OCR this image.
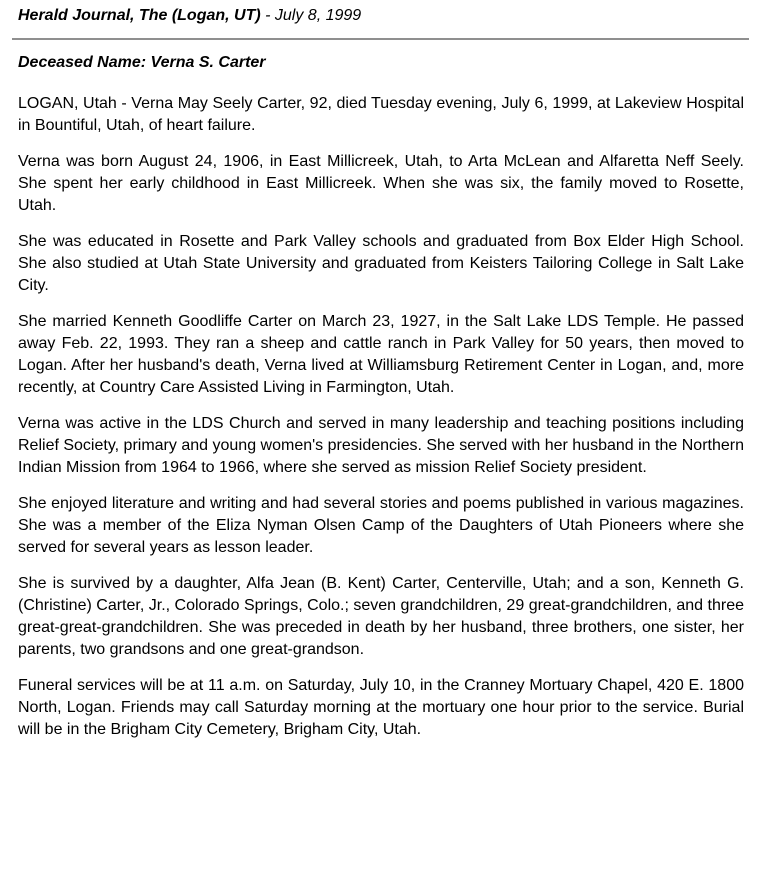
Herald Journal, The (Logan, UT) - July 8, 1999
Deceased Name: Verna S. Carter

LOGAN, Utah - Verna May Seely Carter, 92, died Tuesday evening, July 6, 1999, at Lakeview Hospital in Bountiful, Utah, of heart failure.

Verna was born August 24, 1906, in East Millicreek, Utah, to Arta McLean and Alfaretta Neff Seely. She spent her early childhood in East Millicreek. When she was six, the family moved to Rosette, Utah.

She was educated in Rosette and Park Valley schools and graduated from Box Elder High School. She also studied at Utah State University and graduated from Keisters Tailoring College in Salt Lake City.

She married Kenneth Goodliffe Carter on March 23, 1927, in the Salt Lake LDS Temple. He passed away Feb. 22, 1993. They ran a sheep and cattle ranch in Park Valley for 50 years, then moved to Logan. After her husband's death, Verna lived at Williamsburg Retirement Center in Logan, and, more recently, at Country Care Assisted Living in Farmington, Utah.

Verna was active in the LDS Church and served in many leadership and teaching positions including Relief Society, primary and young women's presidencies. She served with her husband in the Northern Indian Mission from 1964 to 1966, where she served as mission Relief Society president.

She enjoyed literature and writing and had several stories and poems published in various magazines. She was a member of the Eliza Nyman Olsen Camp of the Daughters of Utah Pioneers where she served for several years as lesson leader.

She is survived by a daughter, Alfa Jean (B. Kent) Carter, Centerville, Utah; and a son, Kenneth G. (Christine) Carter, Jr., Colorado Springs, Colo.; seven grandchildren, 29 great-grandchildren, and three great-great-grandchildren. She was preceded in death by her husband, three brothers, one sister, her parents, two grandsons and one great-grandson.

Funeral services will be at 11 a.m. on Saturday, July 10, in the Cranney Mortuary Chapel, 420 E. 1800 North, Logan. Friends may call Saturday morning at the mortuary one hour prior to the service. Burial will be in the Brigham City Cemetery, Brigham City, Utah.
